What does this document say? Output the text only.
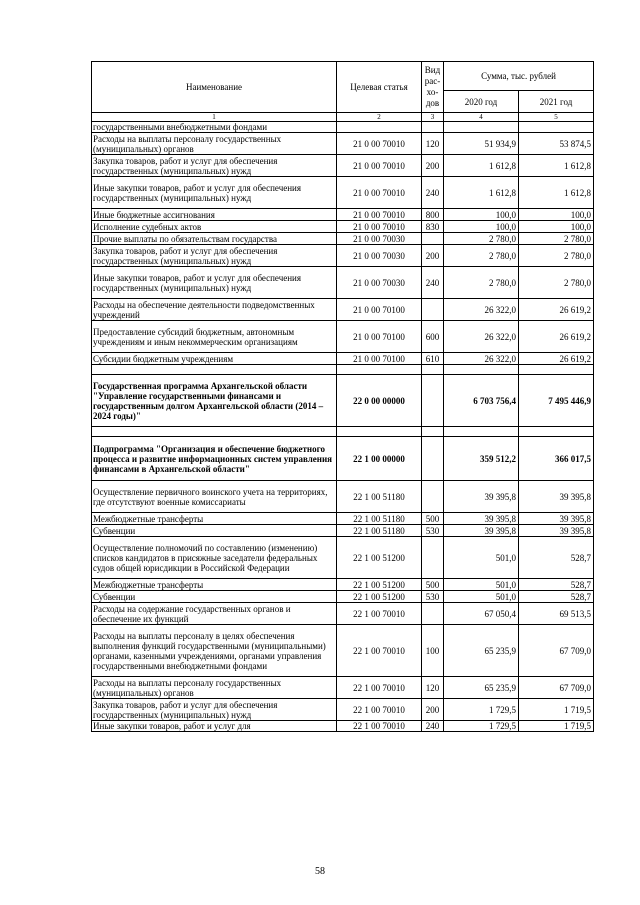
Наименование	Целевая статья	Вид рас-хо-дов	Сумма, тыс. рублей	
			2020 год	2021 год
1	2	3	4	5
государственными внебюджетными фондами				
Расходы на выплаты персоналу государственных (муниципальных) органов	21 0 00 70010	120	51 934,9	53 874,5
Закупка товаров, работ и услуг для обеспечения государственных (муниципальных) нужд	21 0 00 70010	200	1 612,8	1 612,8
Иные закупки товаров, работ и услуг для обеспечения государственных (муниципальных) нужд	21 0 00 70010	240	1 612,8	1 612,8
Иные бюджетные ассигнования	21 0 00 70010	800	100,0	100,0
Исполнение судебных актов	21 0 00 70010	830	100,0	100,0
Прочие выплаты по обязательствам государства	21 0 00 70030		2 780,0	2 780,0
Закупка товаров, работ и услуг для обеспечения государственных (муниципальных) нужд	21 0 00 70030	200	2 780,0	2 780,0
Иные закупки товаров, работ и услуг для обеспечения государственных (муниципальных) нужд	21 0 00 70030	240	2 780,0	2 780,0
Расходы на обеспечение деятельности подведомственных учреждений	21 0 00 70100		26 322,0	26 619,2
Предоставление субсидий бюджетным, автономным учреждениям и иным некоммерческим организациям	21 0 00 70100	600	26 322,0	26 619,2
Субсидии бюджетным учреждениям	21 0 00 70100	610	26 322,0	26 619,2

Государственная программа Архангельской области "Управление государственными финансами и государственным долгом Архангельской области (2014 – 2024 годы)"	22 0 00 00000		6 703 756,4	7 495 446,9

Подпрограмма "Организация и обеспечение бюджетного процесса и развитие информационных систем управления финансами в Архангельской области"	22 1 00 00000		359 512,2	366 017,5
Осуществление первичного воинского учета на территориях, где отсутствуют военные комиссариаты	22 1 00 51180		39 395,8	39 395,8
Межбюджетные трансферты	22 1 00 51180	500	39 395,8	39 395,8
Субвенции	22 1 00 51180	530	39 395,8	39 395,8
Осуществление полномочий по составлению (изменению) списков кандидатов в присяжные заседатели федеральных судов общей юрисдикции в Российской Федерации	22 1 00 51200		501,0	528,7
Межбюджетные трансферты	22 1 00 51200	500	501,0	528,7
Субвенции	22 1 00 51200	530	501,0	528,7
Расходы на содержание государственных органов и обеспечение их функций	22 1 00 70010		67 050,4	69 513,5
Расходы на выплаты персоналу в целях обеспечения выполнения функций государственными (муниципальными) органами, казенными учреждениями, органами управления государственными внебюджетными фондами	22 1 00 70010	100	65 235,9	67 709,0
Расходы на выплаты персоналу государственных (муниципальных) органов	22 1 00 70010	120	65 235,9	67 709,0
Закупка товаров, работ и услуг для обеспечения государственных (муниципальных) нужд	22 1 00 70010	200	1 729,5	1 719,5
Иные закупки товаров, работ и услуг для	22 1 00 70010	240	1 729,5	1 719,5
58
